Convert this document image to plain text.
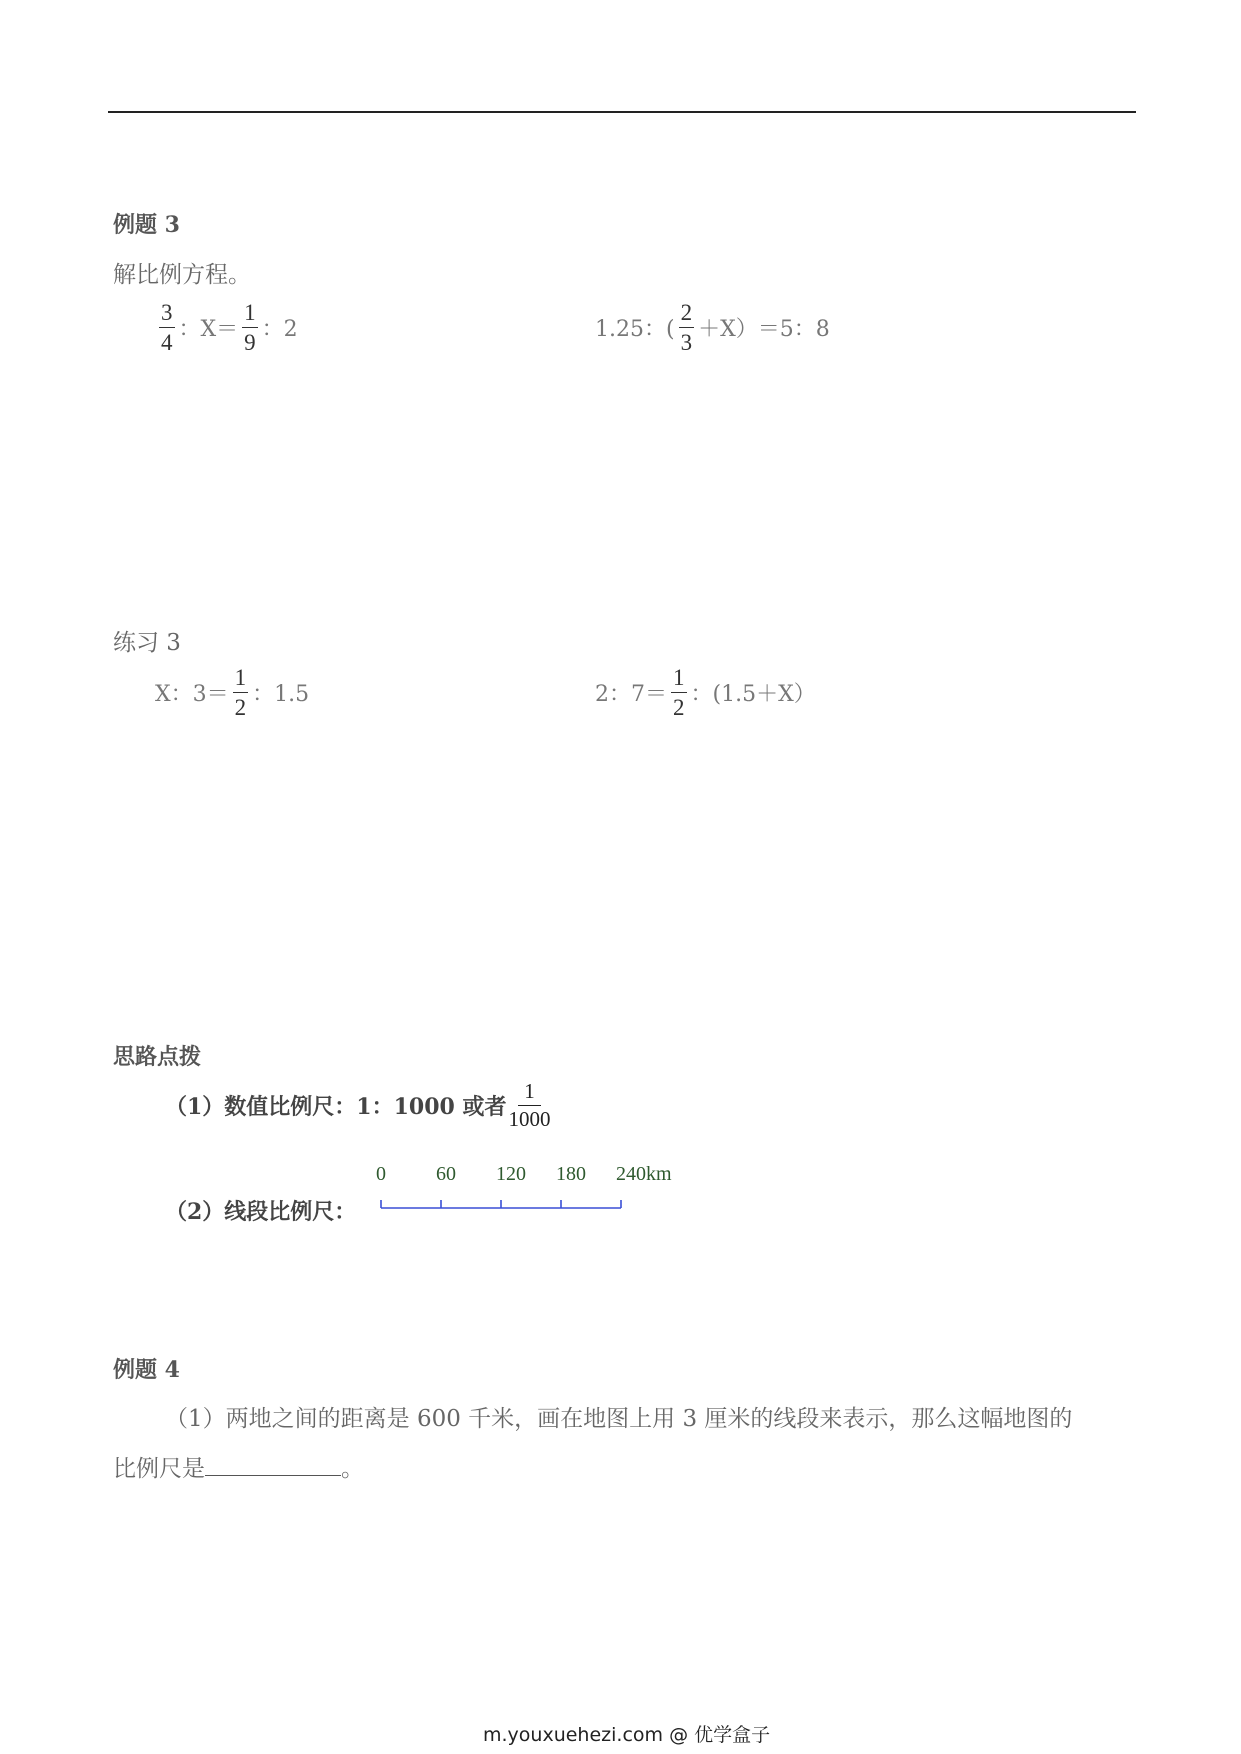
例题 3
解比例方程。
$\frac{3}{4}$ ：$X= \frac{1}{9}$ ：2	1.25：( $\frac{2}{3} +X)=5$：8
练习 3
X：$3= \frac{1}{2}$ ：1.5	2：$7= \frac{1}{2}$ ：(1.5＋X）
思路点拨
（1）数值比例尺：1：1000 或者 $\frac{1}{1000}$
（2）线段比例尺：
0	60 120 180 240km
例题 4
（1）两地之间的距离是 600 千米，画在地图上用 3 厘米的线段来表示，那么这幅地图的
比例尺是	。
m.youxuehezi.com @ 优学盒子
